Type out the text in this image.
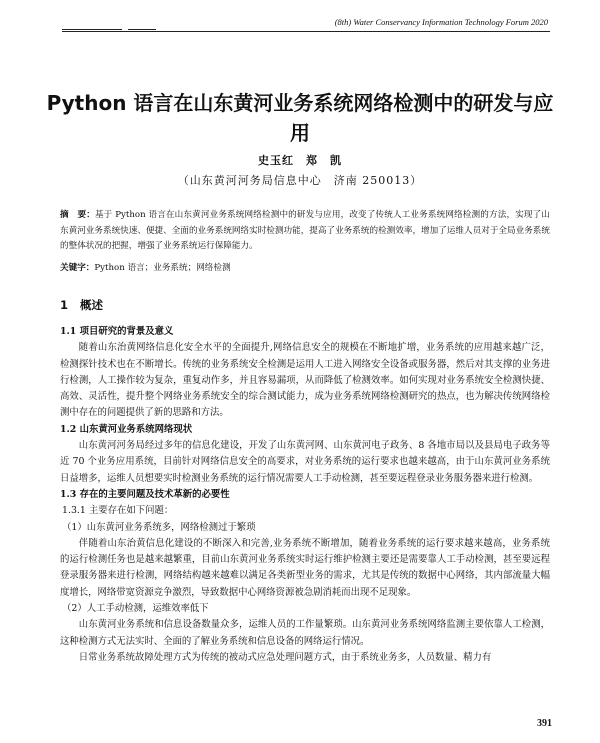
(8th) Water Conservancy Information Technology Forum 2020
Python 语言在山东黄河业务系统网络检测中的研发与应用
史玉红　郑　凯
（山东黄河河务局信息中心　济南 250013）
摘　要：基于 Python 语言在山东黄河业务系统网络检测中的研发与应用，改变了传统人工业务系统网络检测的方法，实现了山东黄河业务系统快速、便捷、全面的业务系统网络实时检测功能，提高了业务系统的检测效率，增加了运维人员对于全局业务系统的整体状况的把握，增强了业务系统运行保障能力。
关键字：Python 语言；业务系统；网络检测
1 概述

1.1 项目研究的背景及意义

随着山东治黄网络信息化安全水平的全面提升,网络信息安全的规模在不断地扩增，业务系统的应用越来越广泛，检测探针技术也在不断增长。传统的业务系统安全检测是运用人工进入网络安全设备或服务器，然后对其支撑的业务进行检测，人工操作较为复杂，重复动作多，并且容易漏项，从而降低了检测效率。如何实现对业务系统安全检测快捷、高效、灵活性，提升整个网络业务系统安全的综合测试能力，成为业务系统网络检测研究的热点，也为解决传统网络检测中存在的问题提供了新的思路和方法。

1.2 山东黄河业务系统网络现状

山东黄河河务局经过多年的信息化建设，开发了山东黄河网、山东黄河电子政务、8 各地市局以及县局电子政务等近 70 个业务应用系统，目前针对网络信息安全的高要求，对业务系统的运行要求也越来越高，由于山东黄河业务系统日益增多，运维人员想要实时检测业务系统的运行情况需要人工手动检测，甚至要远程登录业务服务器来进行检测。

1.3 存在的主要问题及技术革新的必要性

1.3.1 主要存在如下问题：

（1）山东黄河业务系统多，网络检测过于繁琐

伴随着山东治黄信息化建设的不断深入和完善,业务系统不断增加，随着业务系统的运行要求越来越高，业务系统的运行检测任务也是越来越繁重，目前山东黄河业务系统实时运行维护检测主要还是需要靠人工手动检测，甚至要远程登录服务器来进行检测，网络结构越来越难以满足各类新型业务的需求，尤其是传统的数据中心网络，其内部流量大幅度增长，网络带宽资源竞争激烈，导致数据中心网络资源被急剧消耗而出现不足现象。

（2）人工手动检测，运维效率低下

山东黄河业务系统和信息设备数量众多，运维人员的工作量繁琐。山东黄河业务系统网络监测主要依靠人工检测，这种检测方式无法实时、全面的了解业务系统和信息设备的网络运行情况。

日常业务系统故障处理方式为传统的被动式应急处理问题方式，由于系统业务多，人员数量、精力有

391
